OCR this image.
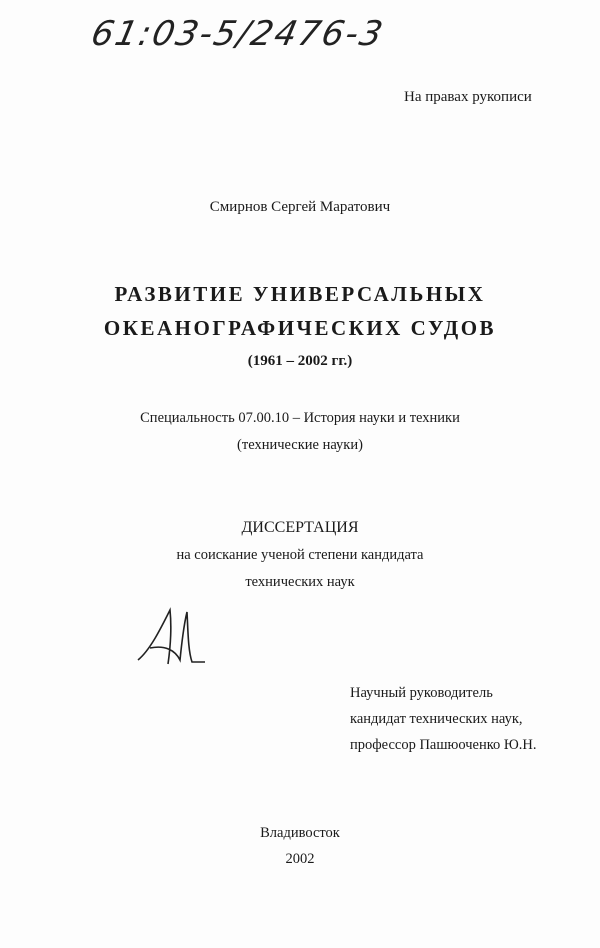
61:03-5/2476-3
На правах рукописи
Смирнов Сергей Маратович
РАЗВИТИЕ УНИВЕРСАЛЬНЫХ
ОКЕАНОГРАФИЧЕСКИХ СУДОВ
(1961 – 2002 гг.)
Специальность 07.00.10 – История науки и техники
(технические науки)
ДИССЕРТАЦИЯ
на соискание ученой степени кандидата
технических наук
Научный руководитель
кандидат технических наук,
профессор Пашюоченко Ю.Н.
Владивосток
2002
